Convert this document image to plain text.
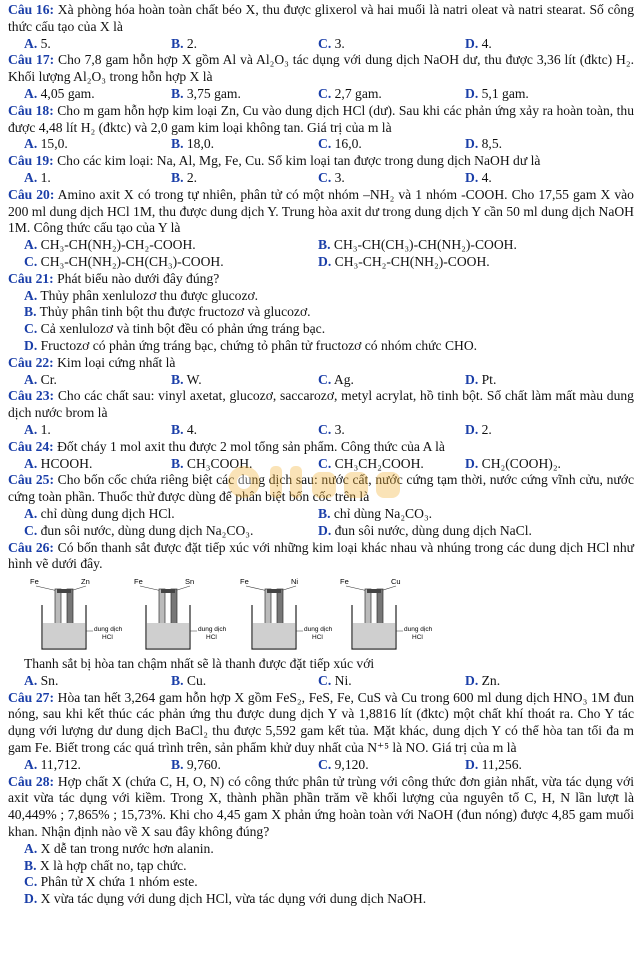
Câu 16: Xà phòng hóa hoàn toàn chất béo X, thu được glixerol và hai muối là natri oleat và natri stearat. Số công thức cấu tạo của X là
A. 5.	B. 2.	C. 3.	D. 4.
Câu 17: Cho 7,8 gam hỗn hợp X gồm Al và Al₂O₃ tác dụng với dung dịch NaOH dư, thu được 3,36 lít (đktc) H₂. Khối lượng Al₂O₃ trong hỗn hợp X là
A. 4,05 gam.	B. 3,75 gam.	C. 2,7 gam.	D. 5,1 gam.
Câu 18: Cho m gam hỗn hợp kim loại Zn, Cu vào dung dịch HCl (dư). Sau khi các phản ứng xảy ra hoàn toàn, thu được 4,48 lít H₂ (đktc) và 2,0 gam kim loại không tan. Giá trị của m là
A. 15,0.	B. 18,0.	C. 16,0.	D. 8,5.
Câu 19: Cho các kim loại: Na, Al, Mg, Fe, Cu. Số kim loại tan được trong dung dịch NaOH dư là
A. 1.	B. 2.	C. 3.	D. 4.
Câu 20: Amino axit X có trong tự nhiên, phân tử có một nhóm –NH₂ và 1 nhóm -COOH. Cho 17,55 gam X vào 200 ml dung dịch HCl 1M, thu được dung dịch Y. Trung hòa axit dư trong dung dịch Y cần 50 ml dung dịch NaOH 1M. Công thức cấu tạo của Y là
A. CH₃-CH(NH₂)-CH₂-COOH.	B. CH₃-CH(CH₃)-CH(NH₂)-COOH.
C. CH₃-CH(NH₂)-CH(CH₃)-COOH.	D. CH₃-CH₂-CH(NH₂)-COOH.
Câu 21: Phát biểu nào dưới đây đúng?
A. Thủy phân xenlulozơ thu được glucozơ.
B. Thủy phân tinh bột thu được fructozơ và glucozơ.
C. Cả xenlulozơ và tinh bột đều có phản ứng tráng bạc.
D. Fructozơ có phản ứng tráng bạc, chứng tỏ phân tử fructozơ có nhóm chức CHO.
Câu 22: Kim loại cứng nhất là
A. Cr.	B. W.	C. Ag.	D. Pt.
Câu 23: Cho các chất sau: vinyl axetat, glucozơ, saccarozơ, metyl acrylat, hồ tinh bột. Số chất làm mất màu dung dịch nước brom là
A. 1.	B. 4.	C. 3.	D. 2.
Câu 24: Đốt cháy 1 mol axit thu được 2 mol tổng sản phẩm. Công thức của A là
A. HCOOH.	B. CH₃COOH.	C. CH₃CH₂COOH.	D. CH₂(COOH)₂.
Câu 25: Cho bốn cốc chứa riêng biệt các dung dịch sau: nước cất, nước cứng tạm thời, nước cứng vĩnh cửu, nước cứng toàn phần. Thuốc thử được dùng để phân biệt bốn cốc trên là
A. chỉ dùng dung dịch HCl.	B. chỉ dùng Na₂CO₃.
C. đun sôi nước, dùng dung dịch Na₂CO₃.	D. đun sôi nước, dùng dung dịch NaCl.
Câu 26: Có bốn thanh sắt được đặt tiếp xúc với những kim loại khác nhau và nhúng trong các dung dịch HCl như hình vẽ dưới đây.
Fe	Zn
dung dịch
HCl
Fe	Sn
dung dịch
HCl
Fe	Ni
dung dịch
HCl
Fe	Cu
dung dịch
HCl
Thanh sắt bị hòa tan chậm nhất sẽ là thanh được đặt tiếp xúc với
A. Sn.	B. Cu.	C. Ni.	D. Zn.
Câu 27: Hòa tan hết 3,264 gam hỗn hợp X gồm FeS₂, FeS, Fe, CuS và Cu trong 600 ml dung dịch HNO₃ 1M đun nóng, sau khi kết thúc các phản ứng thu được dung dịch Y và 1,8816 lít (đktc) một chất khí thoát ra. Cho Y tác dụng với lượng dư dung dịch BaCl₂ thu được 5,592 gam kết tủa. Mặt khác, dung dịch Y có thể hòa tan tối đa m gam Fe. Biết trong các quá trình trên, sản phẩm khử duy nhất của N⁺⁵ là NO. Giá trị của m là
A. 11,712.	B. 9,760.	C. 9,120.	D. 11,256.
Câu 28: Hợp chất X (chứa C, H, O, N) có công thức phân tử trùng với công thức đơn giản nhất, vừa tác dụng với axit vừa tác dụng với kiềm. Trong X, thành phần phần trăm về khối lượng của nguyên tố C, H, N lần lượt là 40,449% ; 7,865% ; 15,73%. Khi cho 4,45 gam X phản ứng hoàn toàn với NaOH (đun nóng) được 4,85 gam muối khan. Nhận định nào về X sau đây không đúng?
A. X dễ tan trong nước hơn alanin.
B. X là hợp chất no, tạp chức.
C. Phân tử X chứa 1 nhóm este.
D. X vừa tác dụng với dung dịch HCl, vừa tác dụng với dung dịch NaOH.
